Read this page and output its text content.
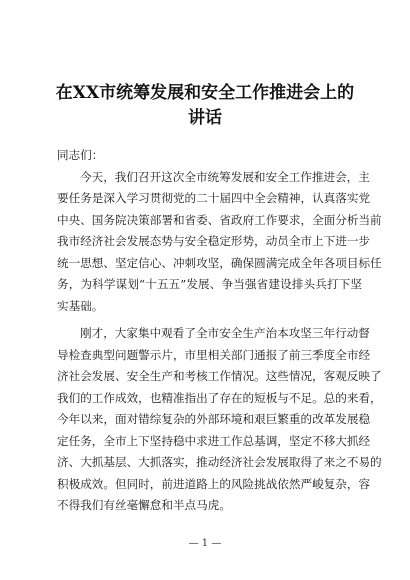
在XX市统筹发展和安全工作推进会上的
讲话
同志们：
今天，我们召开这次全市统筹发展和安全工作推进会，主
要任务是深入学习贯彻党的二十届四中全会精神，认真落实党
中央、国务院决策部署和省委、省政府工作要求，全面分析当前
我市经济社会发展态势与安全稳定形势，动员全市上下进一步
统一思想、坚定信心、冲刺攻坚，确保圆满完成全年各项目标任
务，为科学谋划“十五五”发展、争当强省建设排头兵打下坚
实基础。
刚才，大家集中观看了全市安全生产治本攻坚三年行动督
导检查典型问题警示片，市里相关部门通报了前三季度全市经
济社会发展、安全生产和考核工作情况。这些情况，客观反映了
我们的工作成效，也精准指出了存在的短板与不足。总的来看，
今年以来，面对错综复杂的外部环境和艰巨繁重的改革发展稳
定任务，全市上下坚持稳中求进工作总基调，坚定不移大抓经
济、大抓基层、大抓落实，推动经济社会发展取得了来之不易的
积极成效。但同时，前进道路上的风险挑战依然严峻复杂，容
不得我们有丝毫懈怠和半点马虎。
— 1 —
